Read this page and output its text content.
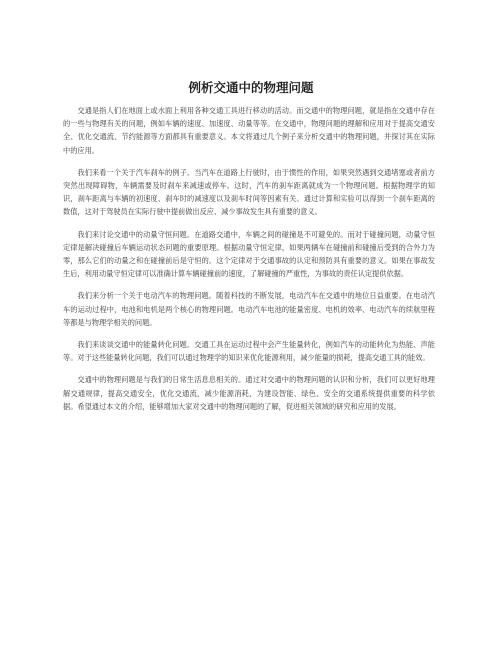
例析交通中的物理问题

交通是指人们在地面上或水面上利用各种交通工具进行移动的活动。而交通中的物理问题，就是指在交通中存在的一些与物理有关的问题，例如车辆的速度、加速度、动量等等。在交通中，物理问题的理解和应用对于提高交通安全、优化交通流、节约能源等方面都具有重要意义。本文将通过几个例子来分析交通中的物理问题，并探讨其在实际中的应用。

我们来看一个关于汽车刹车的例子。当汽车在道路上行驶时，由于惯性的作用，如果突然遇到交通堵塞或者前方突然出现障碍物，车辆需要及时刹车来减速或停车。这时，汽车的刹车距离就成为一个物理问题。根据物理学的知识，刹车距离与车辆的初速度、刹车时的减速度以及刹车时间等因素有关。通过计算和实验可以得到一个刹车距离的数值，这对于驾驶员在实际行驶中提前做出反应、减少事故发生具有重要的意义。

我们来讨论交通中的动量守恒问题。在道路交通中，车辆之间的碰撞是不可避免的。而对于碰撞问题，动量守恒定律是解决碰撞后车辆运动状态问题的重要原理。根据动量守恒定律，如果两辆车在碰撞前和碰撞后受到的合外力为零，那么它们的动量之和在碰撞前后是守恒的。这个定律对于交通事故的认定和预防具有重要的意义。如果在事故发生后，利用动量守恒定律可以准确计算车辆碰撞前的速度，了解碰撞的严重性，为事故的责任认定提供依据。

我们来分析一个关于电动汽车的物理问题。随着科技的不断发展，电动汽车在交通中的地位日益重要。在电动汽车的运动过程中，电池和电机是两个核心的物理问题。电动汽车电池的能量密度、电机的效率、电动汽车的续航里程等都是与物理学相关的问题。

我们来谈谈交通中的能量转化问题。交通工具在运动过程中会产生能量转化，例如汽车的动能转化为热能、声能等。对于这些能量转化问题，我们可以通过物理学的知识来优化能源利用，减少能量的损耗，提高交通工具的能效。

交通中的物理问题是与我们的日常生活息息相关的。通过对交通中的物理问题的认识和分析，我们可以更好地理解交通规律，提高交通安全，优化交通流，减少能源消耗，为建设智能、绿色、安全的交通系统提供重要的科学依据。希望通过本文的介绍，能够增加大家对交通中的物理问题的了解，促进相关领域的研究和应用的发展。
